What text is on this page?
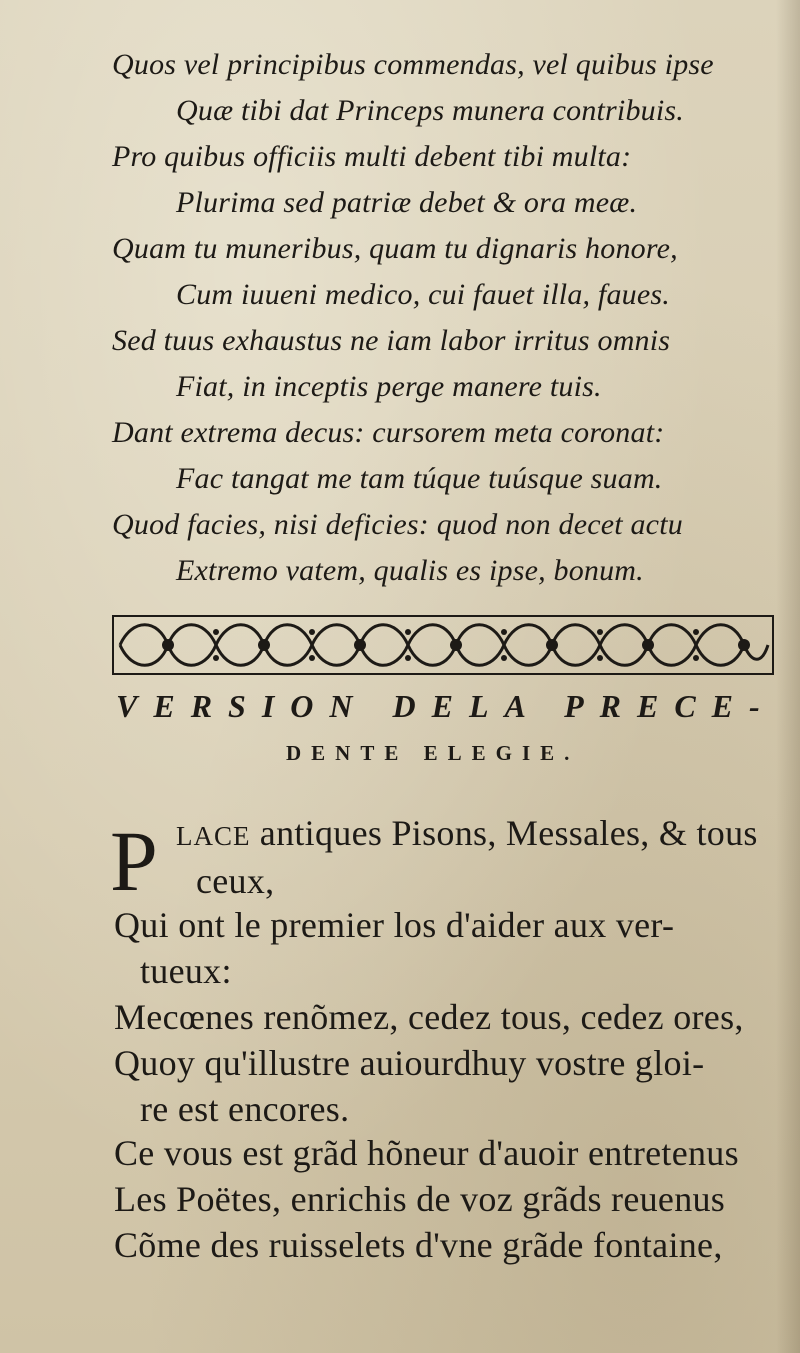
Quos vel principibus commendas, vel quibus ipse
Quæ tibi dat Princeps munera contribuis.
Pro quibus officiis multi debent tibi multa:
Plurima sed patriæ debet & ora meæ.
Quam tu muneribus, quam tu dignaris honore,
Cum iuueni medico, cui fauet illa, faues.
Sed tuus exhaustus ne iam labor irritus omnis
Fiat, in inceptis perge manere tuis.
Dant extrema decus: cursorem meta coronat:
Fac tangat me tam túque tuúsque suam.
Quod facies, nisi deficies: quod non decet actu
Extremo vatem, qualis es ipse, bonum.
VERSION DELA PRECE-
DENTE ELEGIE.
P LACE antiques Pisons, Messales, & tous
ceux,
Qui ont le premier los d'aider aux ver-
tueux:
Mecœnes renõmez, cedez tous, cedez ores,
Quoy qu'illustre auiourdhuy vostre gloi-
re est encores.
Ce vous est grãd hõneur d'auoir entretenus
Les Poëtes, enrichis de voz grãds reuenus
Cõme des ruisselets d'vne grãde fontaine,
